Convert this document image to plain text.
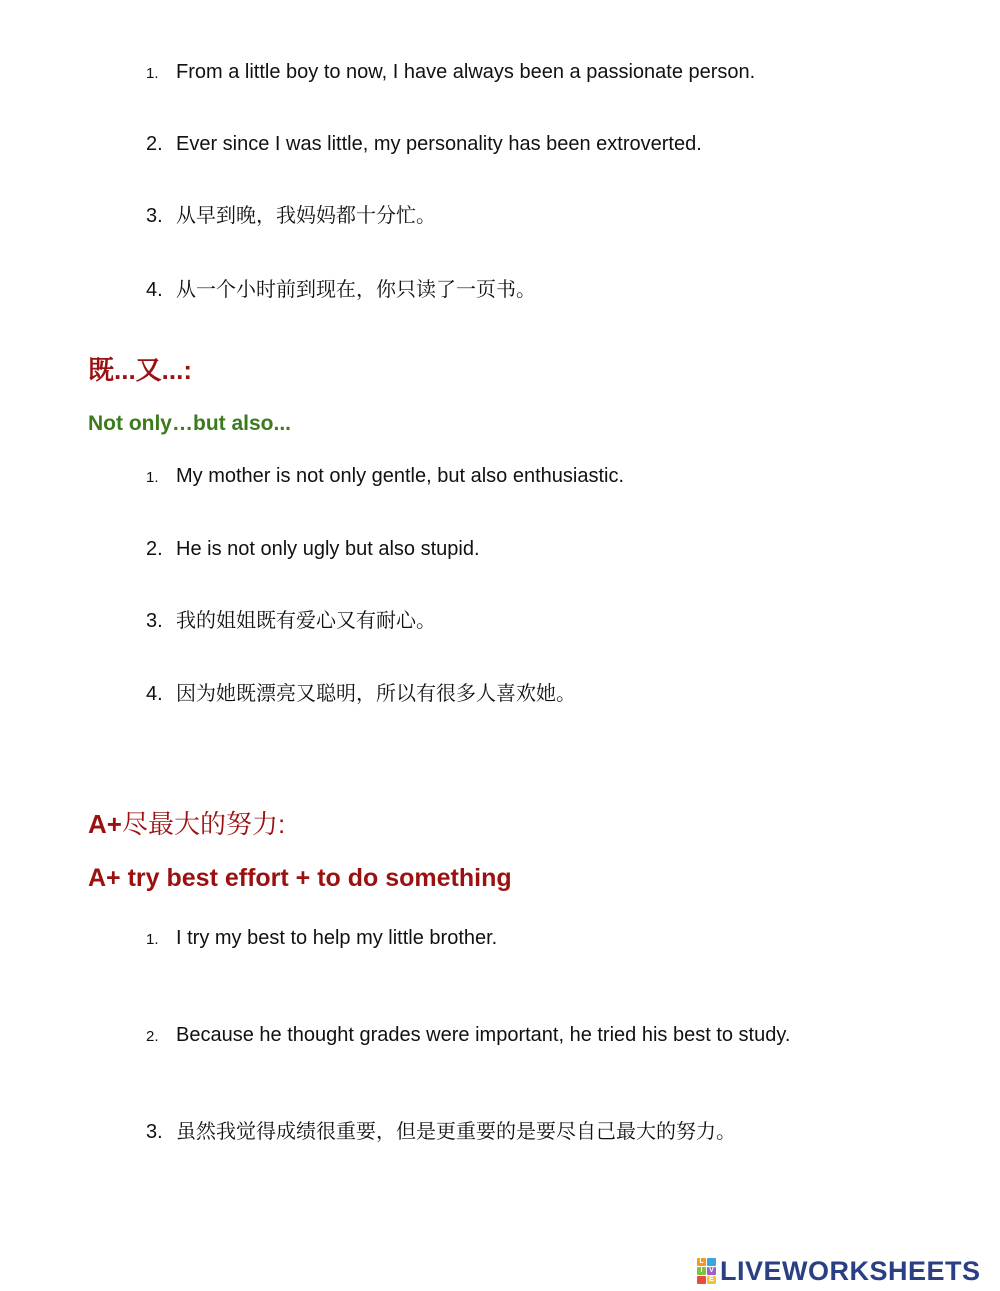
1. From a little boy to now, I have always been a passionate person.
2. Ever since I was little, my personality has been extroverted.
3. 从早到晚，我妈妈都十分忙。
4. 从一个小时前到现在，你只读了一页书。
既...又...:
Not only…but also...
1. My mother is not only gentle, but also enthusiastic.
2. He is not only ugly but also stupid.
3. 我的姐姐既有爱心又有耐心。
4. 因为她既漂亮又聪明，所以有很多人喜欢她。
A+尽最大的努力:
A+ try best effort + to do something
1. I try my best to help my little brother.
2. Because he thought grades were important, he tried his best to study.
3. 虽然我觉得成绩很重要，但是更重要的是要尽自己最大的努力。
L
I V
E LIVEWORKSHEETS
